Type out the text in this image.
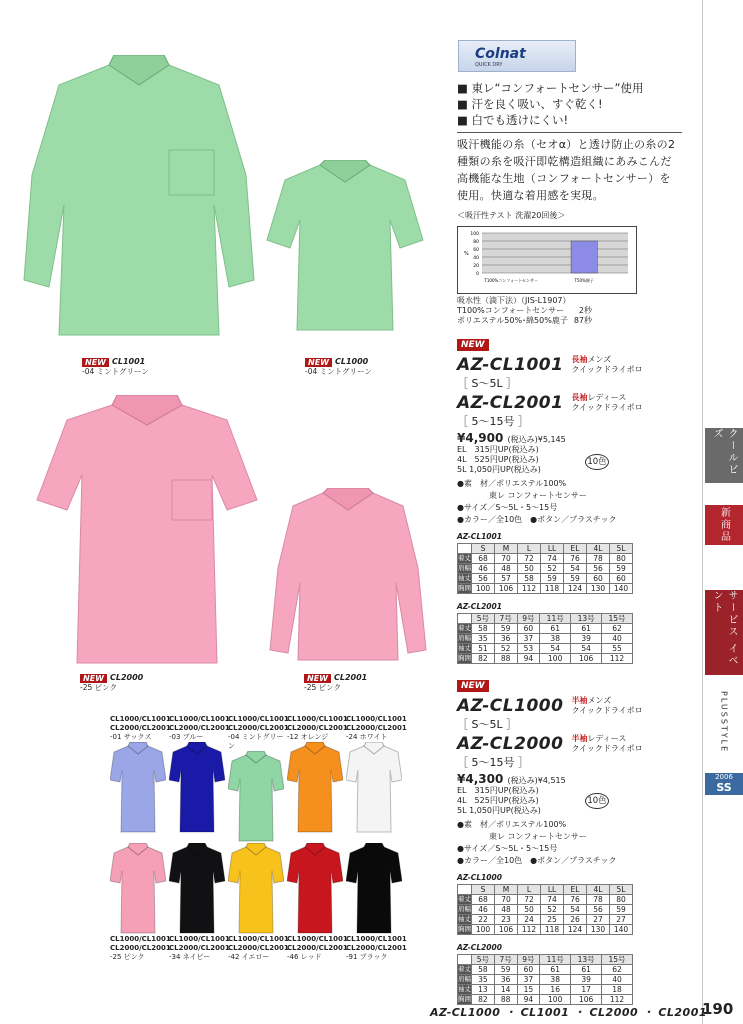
NEW CL1001
-04 ミントグリーン
NEW CL1000
-04 ミントグリーン
NEW CL2000
-25 ピンク
NEW CL2001
-25 ピンク
CL1000/CL1001
CL2000/CL2001
-01 サックス
CL1000/CL1001
CL2000/CL2001
-03 ブルー
CL1000/CL1001
CL2000/CL2001
-04 ミントグリーン
CL1000/CL1001
CL2000/CL2001
-12 オレンジ
CL1000/CL1001
CL2000/CL2001
-24 ホワイト
CL1000/CL1001
CL2000/CL2001
-25 ピンク
CL1000/CL1001
CL2000/CL2001
-34 ネイビー
CL1000/CL1001
CL2000/CL2001
-42 イエロー
CL1000/CL1001
CL2000/CL2001
-46 レッド
CL1000/CL1001
CL2000/CL2001
-91 ブラック
Colnat
QUICK DRY
■ 東レ“コンフォートセンサー”使用
■ 汗を良く吸い、すぐ乾く!
■ 白でも透けにくい!
吸汗機能の糸（セオα）と透け防止の糸の2種類の糸を吸汗即乾構造組織にあみこんだ高機能な生地（コンフォートセンサー）を使用。快適な着用感を実現。
＜吸汗性テスト 洗濯20回後＞
100
80
60
40
20
0
%
T100%コンフォートセンサー	T50%綿子
吸水性（滴下法）（JIS-L1907）
T100%コンフォートセンサー 2秒
ポリエステル50%･綿50%鹿子 87秒
NEW
AZ-CL1001 長袖メンズ
クイックドライポロ
［ S〜5L ］
AZ-CL2001 長袖レディース
クイックドライポロ
［ 5〜15号 ］
¥4,900 (税込み)¥5,145
EL　315円UP(税込み)
4L　525円UP(税込み)
5L 1,050円UP(税込み)
10色
●素　材／ポリエステル100%
　　　　東レ コンフォートセンサー
●サイズ／S〜5L・5〜15号
●カラー／全10色　●ボタン／プラスチック
AZ-CL1001
	S	M	L	LL	EL	4L	5L
着丈	68	70	72	74	76	78	80
肩幅	46	48	50	52	54	56	59
袖丈	56	57	58	59	59	60	60
胸囲	100	106	112	118	124	130	140
AZ-CL2001
	5号	7号	9号	11号	13号	15号
着丈	58	59	60	61	61	62
肩幅	35	36	37	38	39	40
袖丈	51	52	53	54	54	55
胸囲	82	88	94	100	106	112
NEW
AZ-CL1000 半袖メンズ
クイックドライポロ
［ S〜5L ］
AZ-CL2000 半袖レディース
クイックドライポロ
［ 5〜15号 ］
¥4,300 (税込み)¥4,515
EL　315円UP(税込み)
4L　525円UP(税込み)
5L 1,050円UP(税込み)
10色
●素　材／ポリエステル100%
　　　　東レ コンフォートセンサー
●サイズ／S〜5L・5〜15号
●カラー／全10色　●ボタン／プラスチック
AZ-CL1000
	S	M	L	LL	EL	4L	5L
着丈	68	70	72	74	76	78	80
肩幅	46	48	50	52	54	56	59
袖丈	22	23	24	25	26	27	27
胸囲	100	106	112	118	124	130	140
AZ-CL2000
	5号	7号	9号	11号	13号	15号
着丈	58	59	60	61	61	62
肩幅	35	36	37	38	39	40
袖丈	13	14	15	16	17	18
胸囲	82	88	94	100	106	112
AZ-CL1000 ・ CL1001 ・ CL2000 ・ CL2001
190
クールビズ
新商品
サービス イベント
PLUSSTYLE
2006
SS
